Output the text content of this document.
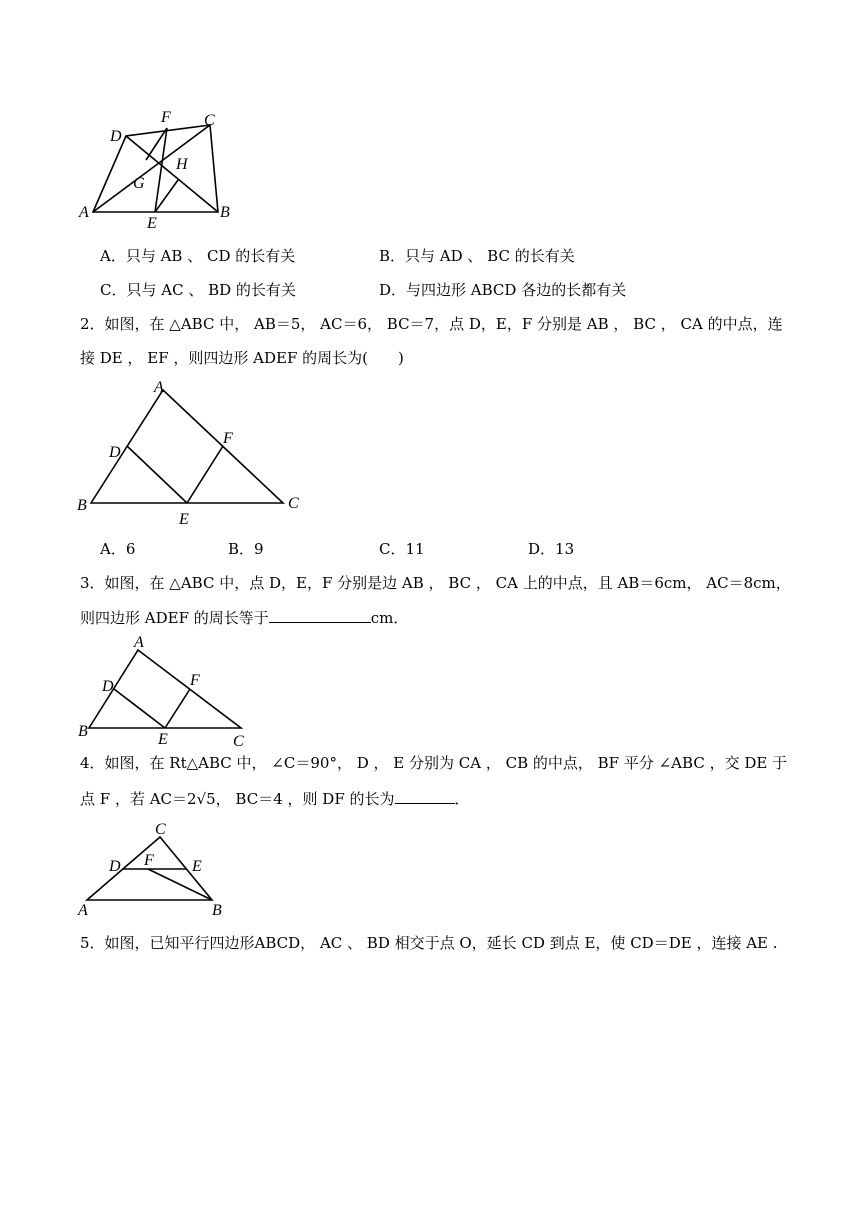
D
F C
H
G
A
E
B
A．只与 AB 、 CD 的长有关	B．只与 AD 、 BC 的长有关
C．只与 AC 、 BD 的长有关	D．与四边形 ABCD 各边的长都有关
2．如图，在 △ABC 中， AB＝5， AC＝6， BC＝7，点 D，E，F 分别是 AB ， BC ， CA 的中点，连
接 DE ， EF ，则四边形 ADEF 的周长为(　　)
A
D
F
B
E
C
A．6	B．9	C．11	D．13
3．如图，在 △ABC 中，点 D，E，F 分别是边 AB ， BC ， CA 上的中点，且 AB＝6cm， AC＝8cm，
则四边形 ADEF 的周长等于	cm．
A
D	F
B	E	C
4．如图，在 Rt△ABC 中， ∠C＝90°， D ， E 分别为 CA ， CB 的中点， BF 平分 ∠ABC ，交 DE 于
点 F ，若 AC＝2√5， BC＝4 ，则 DF 的长为	．
C
D F E
A	B
5．如图，已知平行四边形ABCD， AC 、 BD 相交于点 O，延长 CD 到点 E，使 CD＝DE ，连接 AE .
